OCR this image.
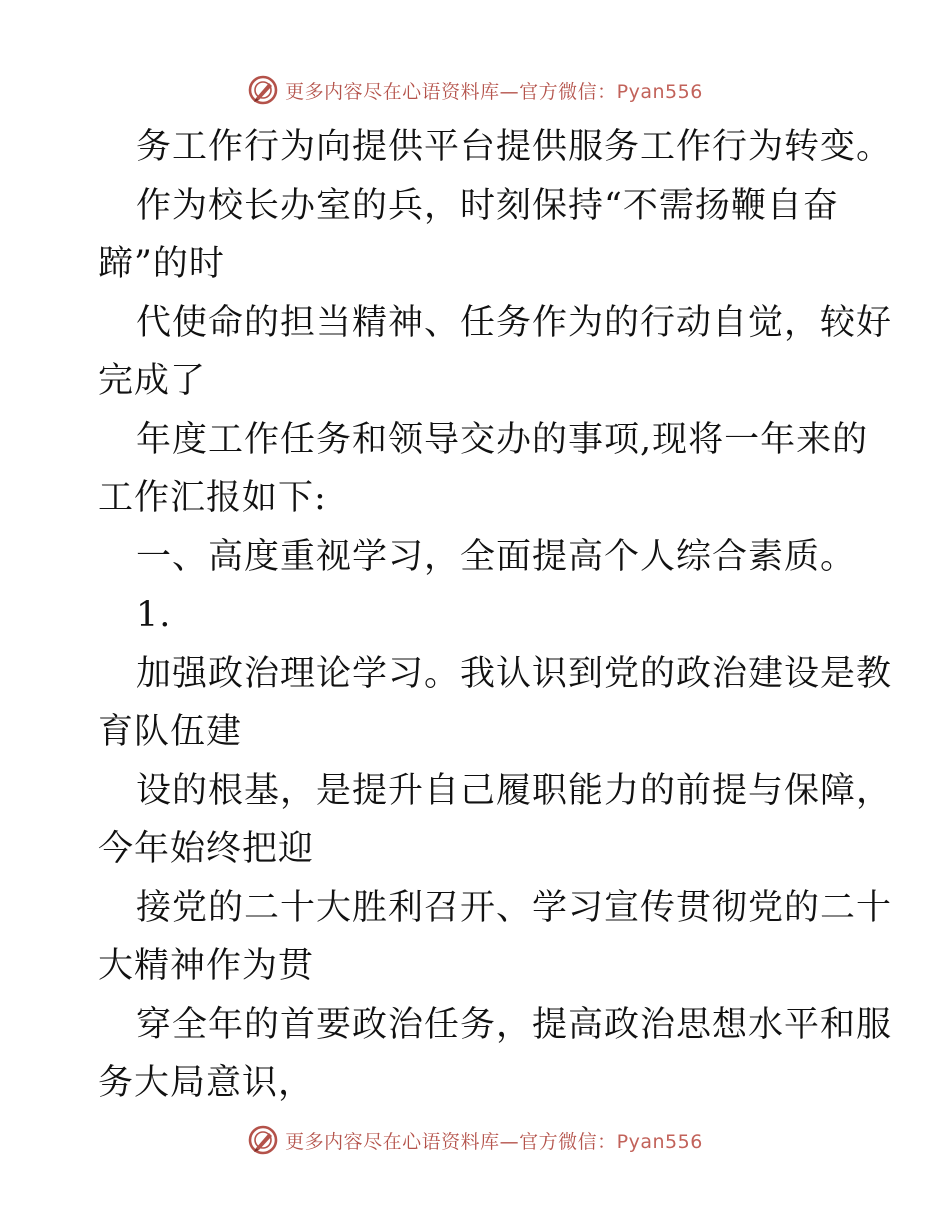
更多内容尽在心语资料库—官方微信：Pyan556
务工作行为向提供平台提供服务工作行为转变。
作为校长办室的兵，时刻保持“不需扬鞭自奋
蹄”的时
代使命的担当精神、任务作为的行动自觉，较好
完成了
年度工作任务和领导交办的事项,现将一年来的
工作汇报如下:
一、高度重视学习，全面提高个人综合素质。
1.
加强政治理论学习。我认识到党的政治建设是教
育队伍建
设的根基，是提升自己履职能力的前提与保障，
今年始终把迎
接党的二十大胜利召开、学习宣传贯彻党的二十
大精神作为贯
穿全年的首要政治任务，提高政治思想水平和服
务大局意识，
更多内容尽在心语资料库—官方微信：Pyan556
